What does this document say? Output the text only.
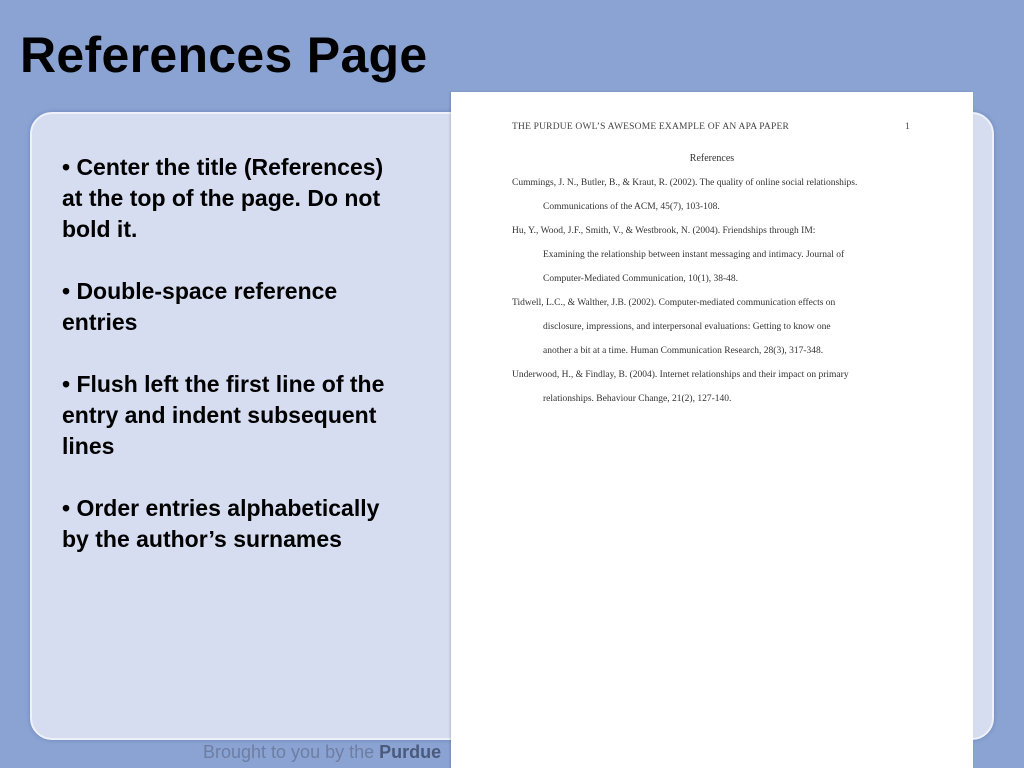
References Page
• Center the title (References) at the top of the page. Do not bold it.
• Double-space reference entries
• Flush left the first line of the entry and indent subsequent lines
• Order entries alphabetically by the author’s surnames
Brought to you by the Purdue
THE PURDUE OWL’S AWESOME EXAMPLE OF AN APA PAPER	1
References
Cummings, J. N., Butler, B., & Kraut, R. (2002). The quality of online social relationships.
Communications of the ACM, 45(7), 103-108.
Hu, Y., Wood, J.F., Smith, V., & Westbrook, N. (2004). Friendships through IM:
Examining the relationship between instant messaging and intimacy. Journal of
Computer-Mediated Communication, 10(1), 38-48.
Tidwell, L.C., & Walther, J.B. (2002). Computer-mediated communication effects on
disclosure, impressions, and interpersonal evaluations: Getting to know one
another a bit at a time. Human Communication Research, 28(3), 317-348.
Underwood, H., & Findlay, B. (2004). Internet relationships and their impact on primary
relationships. Behaviour Change, 21(2), 127-140.
